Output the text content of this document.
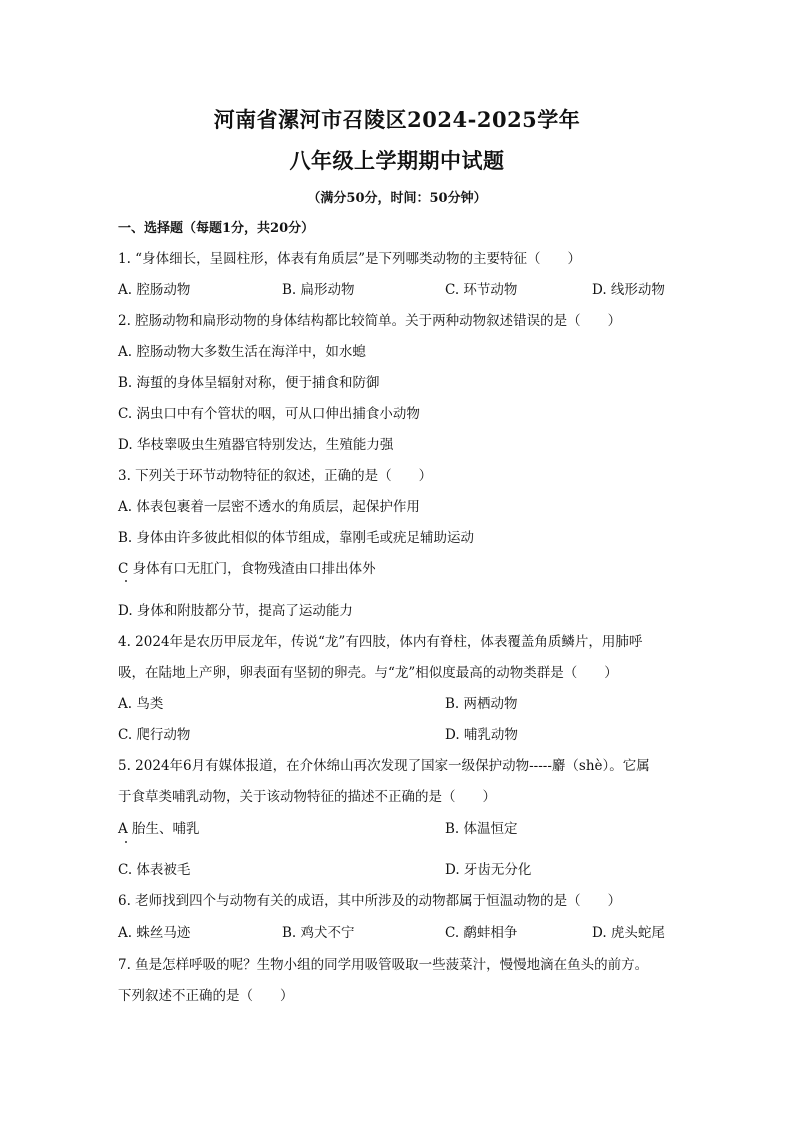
河南省漯河市召陵区2024-2025学年
八年级上学期期中试题
（满分50分，时间：50分钟）
一、选择题（每题1分，共20分）
1. “身体细长，呈圆柱形，体表有角质层”是下列哪类动物的主要特征（　　）
A. 腔肠动物	B. 扁形动物	C. 环节动物	D. 线形动物
2. 腔肠动物和扁形动物的身体结构都比较简单。关于两种动物叙述错误的是（　　）
A. 腔肠动物大多数生活在海洋中，如水螅
B. 海蜇的身体呈辐射对称，便于捕食和防御
C. 涡虫口中有个管状的咽，可从口伸出捕食小动物
D. 华枝睾吸虫生殖器官特别发达，生殖能力强
3. 下列关于环节动物特征的叙述，正确的是（　　）
A. 体表包裹着一层密不透水的角质层，起保护作用
B. 身体由许多彼此相似的体节组成，靠刚毛或疣足辅助运动
C 身体有口无肛门，食物残渣由口排出体外
D. 身体和附肢都分节，提高了运动能力
4. 2024年是农历甲辰龙年，传说“龙”有四肢，体内有脊柱，体表覆盖角质鳞片，用肺呼
吸，在陆地上产卵，卵表面有坚韧的卵壳。与“龙”相似度最高的动物类群是（　　）
A. 鸟类	B. 两栖动物
C. 爬行动物	D. 哺乳动物
5. 2024年6月有媒体报道，在介休绵山再次发现了国家一级保护动物-----麝（shè）。它属
于食草类哺乳动物，关于该动物特征的描述不正确的是（　　）
A 胎生、哺乳	B. 体温恒定
C. 体表被毛	D. 牙齿无分化
6. 老师找到四个与动物有关的成语，其中所涉及的动物都属于恒温动物的是（　　）
A. 蛛丝马迹	B. 鸡犬不宁	C. 鹬蚌相争	D. 虎头蛇尾
7. 鱼是怎样呼吸的呢？生物小组的同学用吸管吸取一些菠菜汁，慢慢地滴在鱼头的前方。
下列叙述不正确的是（　　）
